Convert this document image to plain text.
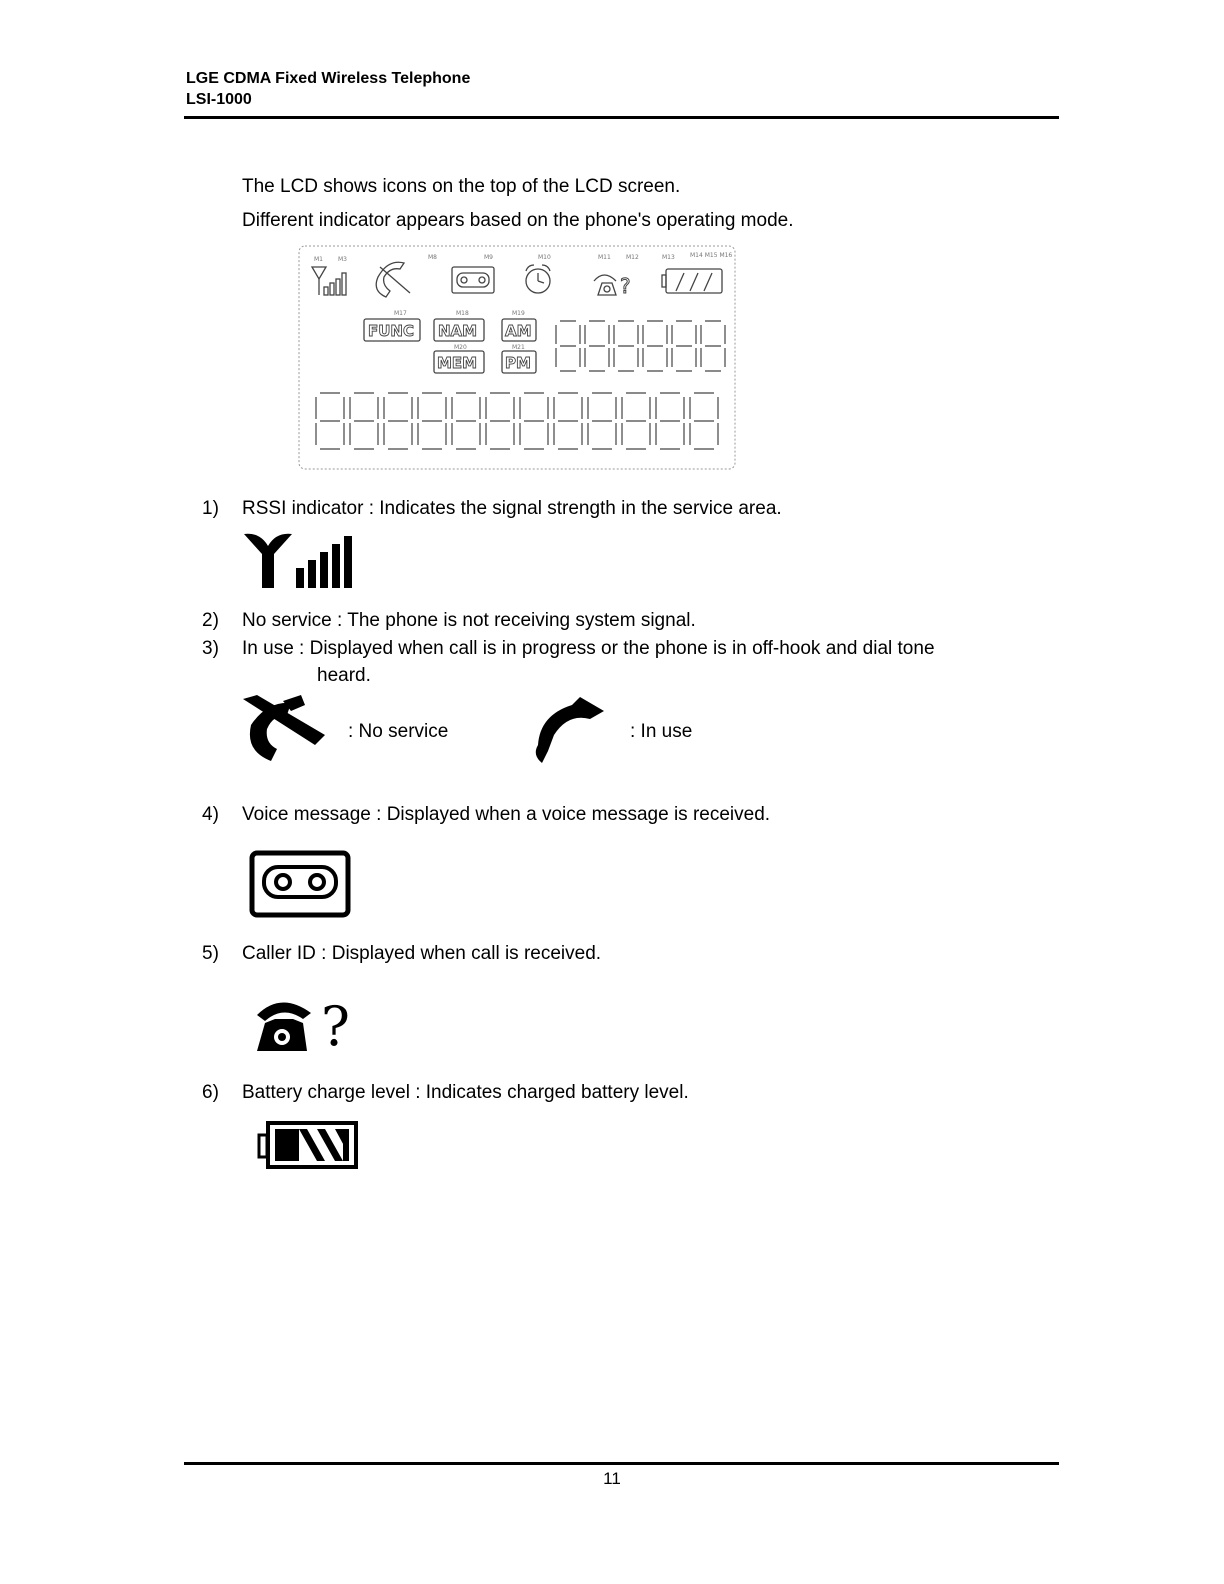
LGE CDMA Fixed Wireless Telephone
LSI-1000
The LCD shows icons on the top of the LCD screen.
Different indicator appears based on the phone's operating mode.
?
M1	M3	M8	M9	M10	M11	M12	M13	M14 M15 M16
M17	M18	M19
M20	M21
FUNC NAM AM
MEM PM
1) RSSI indicator : Indicates the signal strength in the service area.
2) No service : The phone is not receiving system signal.
3) In use : Displayed when call is in progress or the phone is in off-hook and dial tone
heard.
: No service	: In use
4) Voice message : Displayed when a voice message is received.
5) Caller ID : Displayed when call is received.
?
6) Battery charge level : Indicates charged battery level.
11
